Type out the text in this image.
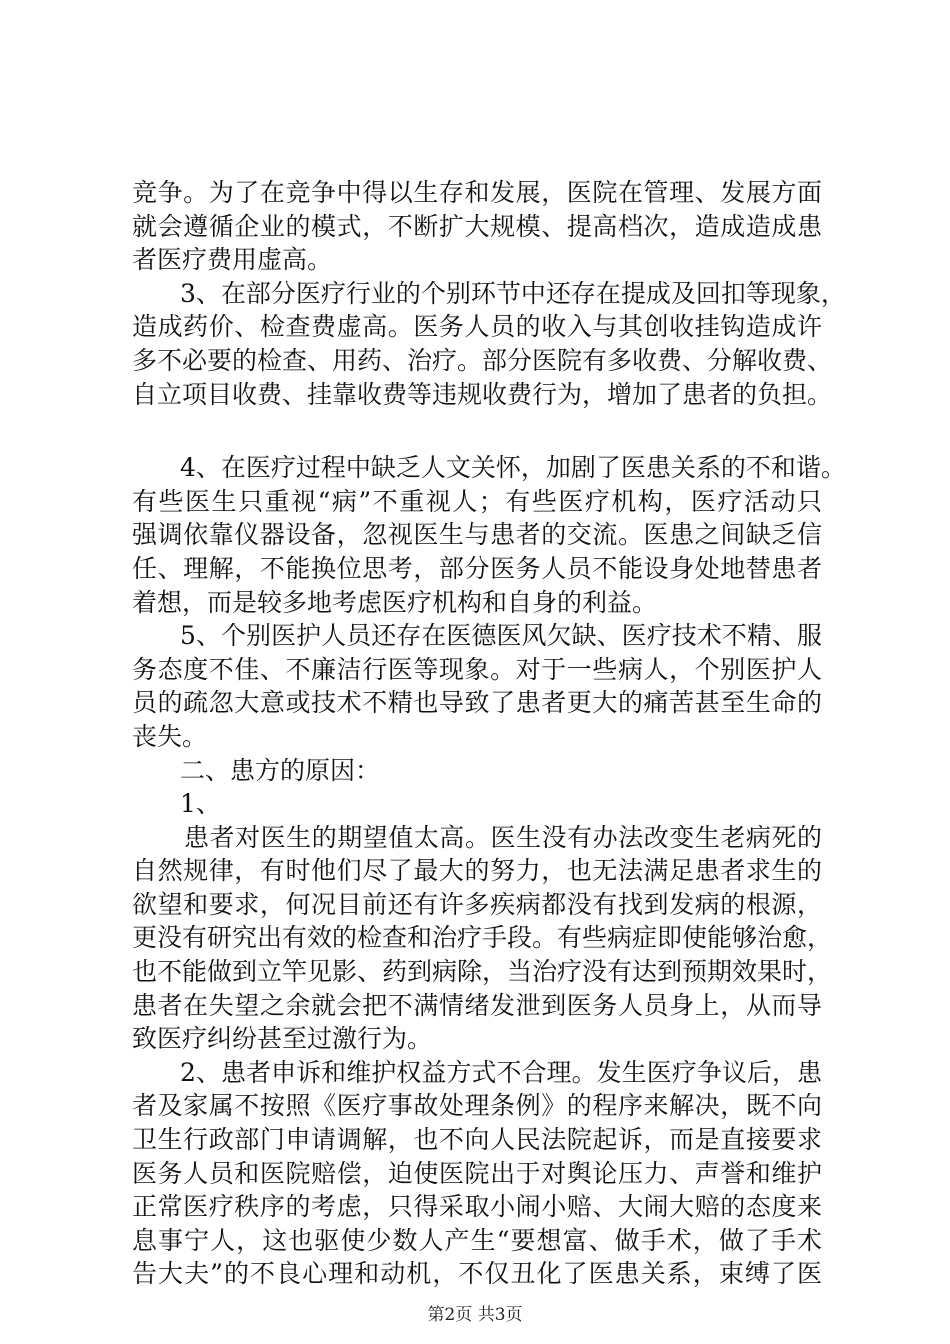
竞争。为了在竞争中得以生存和发展，医院在管理、发展方面
就会遵循企业的模式，不断扩大规模、提高档次，造成造成患
者医疗费用虚高。
3、在部分医疗行业的个别环节中还存在提成及回扣等现象，
造成药价、检查费虚高。医务人员的收入与其创收挂钩造成许
多不必要的检查、用药、治疗。部分医院有多收费、分解收费、
自立项目收费、挂靠收费等违规收费行为，增加了患者的负担。
4、在医疗过程中缺乏人文关怀，加剧了医患关系的不和谐。
有些医生只重视“病”不重视人；有些医疗机构，医疗活动只
强调依靠仪器设备，忽视医生与患者的交流。医患之间缺乏信
任、理解，不能换位思考，部分医务人员不能设身处地替患者
着想，而是较多地考虑医疗机构和自身的利益。
5、个别医护人员还存在医德医风欠缺、医疗技术不精、服
务态度不佳、不廉洁行医等现象。对于一些病人，个别医护人
员的疏忽大意或技术不精也导致了患者更大的痛苦甚至生命的
丧失。
二、患方的原因：
1、
患者对医生的期望值太高。医生没有办法改变生老病死的
自然规律，有时他们尽了最大的努力，也无法满足患者求生的
欲望和要求，何况目前还有许多疾病都没有找到发病的根源，
更没有研究出有效的检查和治疗手段。有些病症即使能够治愈，
也不能做到立竿见影、药到病除，当治疗没有达到预期效果时，
患者在失望之余就会把不满情绪发泄到医务人员身上，从而导
致医疗纠纷甚至过激行为。
2、患者申诉和维护权益方式不合理。发生医疗争议后，患
者及家属不按照《医疗事故处理条例》的程序来解决，既不向
卫生行政部门申请调解，也不向人民法院起诉，而是直接要求
医务人员和医院赔偿，迫使医院出于对舆论压力、声誉和维护
正常医疗秩序的考虑，只得采取小闹小赔、大闹大赔的态度来
息事宁人，这也驱使少数人产生“要想富、做手术，做了手术
告大夫”的不良心理和动机，不仅丑化了医患关系，束缚了医
第2页 共3页
